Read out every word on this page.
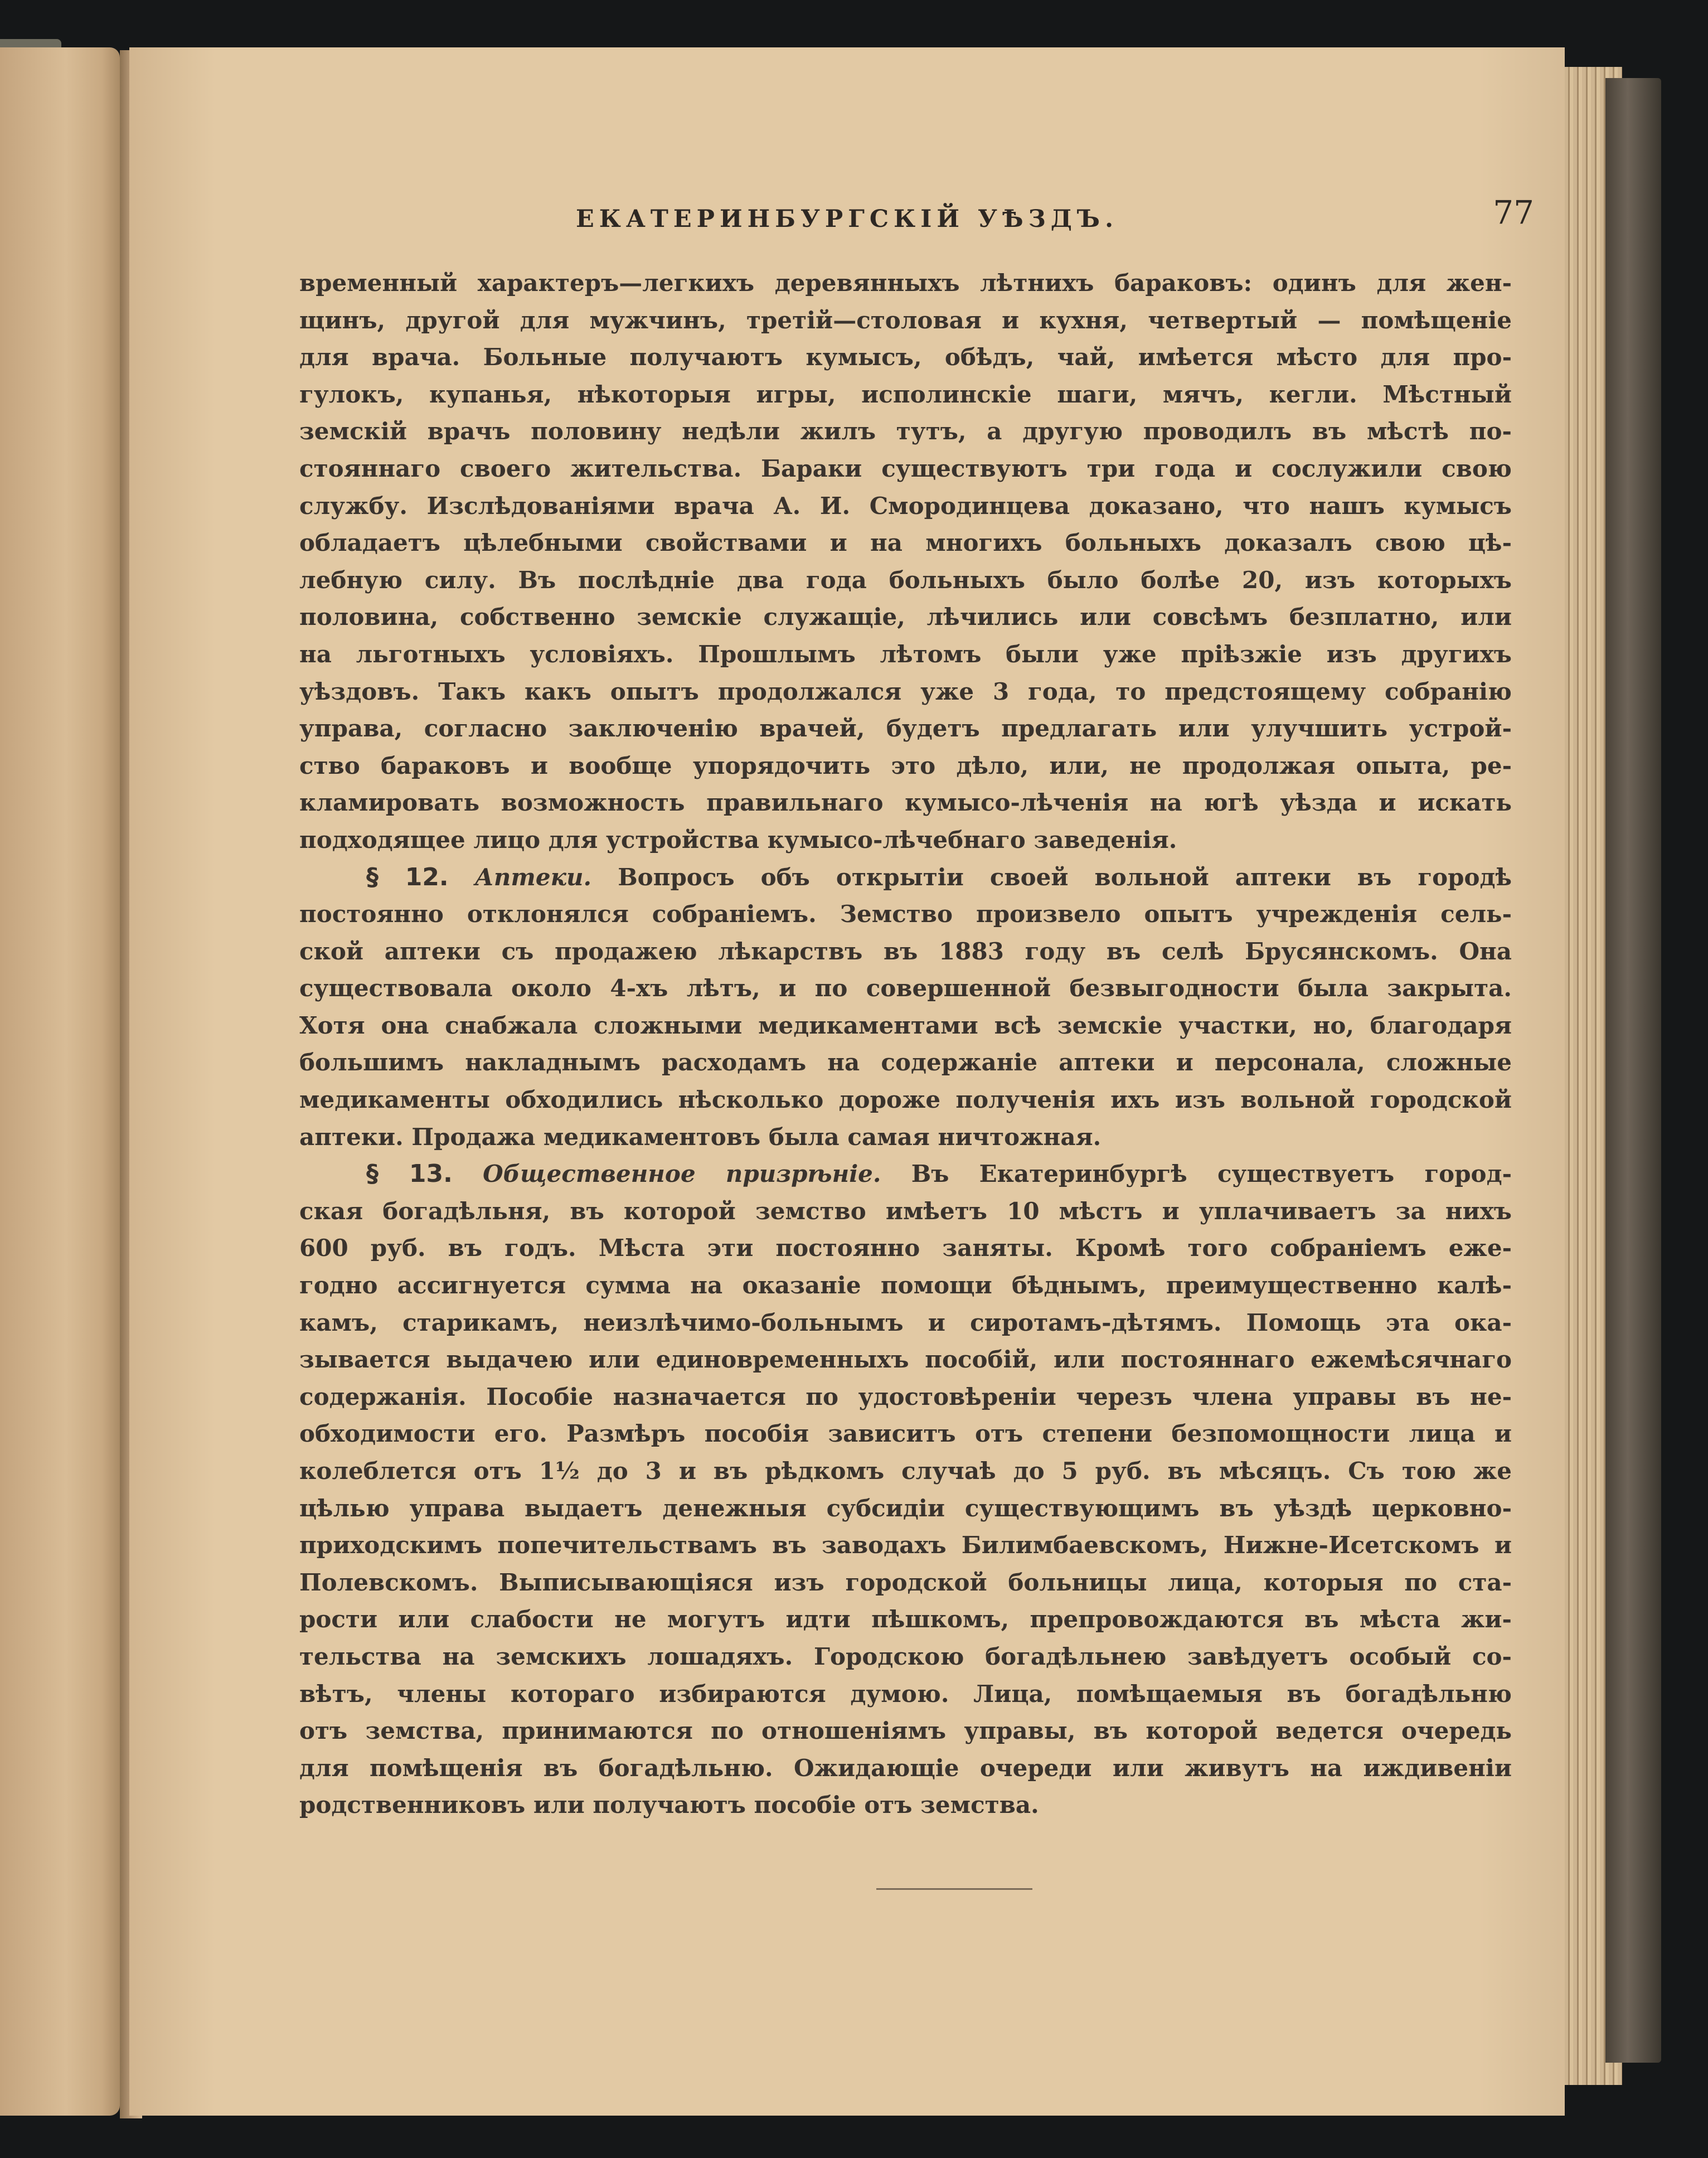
ЕКАТЕРИНБУРГСКІЙ УѢЗДЪ.	77

временный характеръ—легкихъ деревянныхъ лѣтнихъ бараковъ: одинъ для жен-

щинъ, другой для мужчинъ, третій—столовая и кухня, четвертый — помѣщеніе

для врача. Больные получаютъ кумысъ, обѣдъ, чай, имѣется мѣсто для про-

гулокъ, купанья, нѣкоторыя игры, исполинскіе шаги, мячъ, кегли. Мѣстный

земскій врачъ половину недѣли жилъ тутъ, а другую проводилъ въ мѣстѣ по-

стояннаго своего жительства. Бараки существуютъ три года и сослужили свою

службу. Изслѣдованіями врача А. И. Смородинцева доказано, что нашъ кумысъ

обладаетъ цѣлебными свойствами и на многихъ больныхъ доказалъ свою цѣ-

лебную силу. Въ послѣдніе два года больныхъ было болѣе 20, изъ которыхъ

половина, собственно земскіе служащіе, лѣчились или совсѣмъ безплатно, или

на льготныхъ условіяхъ. Прошлымъ лѣтомъ были уже пріѣзжіе изъ другихъ

уѣздовъ. Такъ какъ опытъ продолжался уже 3 года, то предстоящему собранію

управа, согласно заключенію врачей, будетъ предлагать или улучшить устрой-

ство бараковъ и вообще упорядочить это дѣло, или, не продолжая опыта, ре-

кламировать возможность правильнаго кумысо-лѣченія на югѣ уѣзда и искать

подходящее лицо для устройства кумысо-лѣчебнаго заведенія.

§ 12. Аптеки. Вопросъ объ открытіи своей вольной аптеки въ городѣ

постоянно отклонялся собраніемъ. Земство произвело опытъ учрежденія сель-

ской аптеки съ продажею лѣкарствъ въ 1883 году въ селѣ Брусянскомъ. Она

существовала около 4-хъ лѣтъ, и по совершенной безвыгодности была закрыта.

Хотя она снабжала сложными медикаментами всѣ земскіе участки, но, благодаря

большимъ накладнымъ расходамъ на содержаніе аптеки и персонала, сложные

медикаменты обходились нѣсколько дороже полученія ихъ изъ вольной городской

аптеки. Продажа медикаментовъ была самая ничтожная.

§ 13. Общественное призрѣніе. Въ Екатеринбургѣ существуетъ город-

ская богадѣльня, въ которой земство имѣетъ 10 мѣстъ и уплачиваетъ за нихъ

600 руб. въ годъ. Мѣста эти постоянно заняты. Кромѣ того собраніемъ еже-

годно ассигнуется сумма на оказаніе помощи бѣднымъ, преимущественно калѣ-

камъ, старикамъ, неизлѣчимо-больнымъ и сиротамъ-дѣтямъ. Помощь эта ока-

зывается выдачею или единовременныхъ пособій, или постояннаго ежемѣсячнаго

содержанія. Пособіе назначается по удостовѣреніи черезъ члена управы въ не-

обходимости его. Размѣръ пособія зависитъ отъ степени безпомощности лица и

колеблется отъ 1½ до 3 и въ рѣдкомъ случаѣ до 5 руб. въ мѣсяцъ. Съ тою же

цѣлью управа выдаетъ денежныя субсидіи существующимъ въ уѣздѣ церковно-

приходскимъ попечительствамъ въ заводахъ Билимбаевскомъ, Нижне-Исетскомъ и

Полевскомъ. Выписывающіяся изъ городской больницы лица, которыя по ста-

рости или слабости не могутъ идти пѣшкомъ, препровождаются въ мѣста жи-

тельства на земскихъ лошадяхъ. Городскою богадѣльнею завѣдуетъ особый со-

вѣтъ, члены котораго избираются думою. Лица, помѣщаемыя въ богадѣльню

отъ земства, принимаются по отношеніямъ управы, въ которой ведется очередь

для помѣщенія въ богадѣльню. Ожидающіе очереди или живутъ на иждивеніи

родственниковъ или получаютъ пособіе отъ земства.
